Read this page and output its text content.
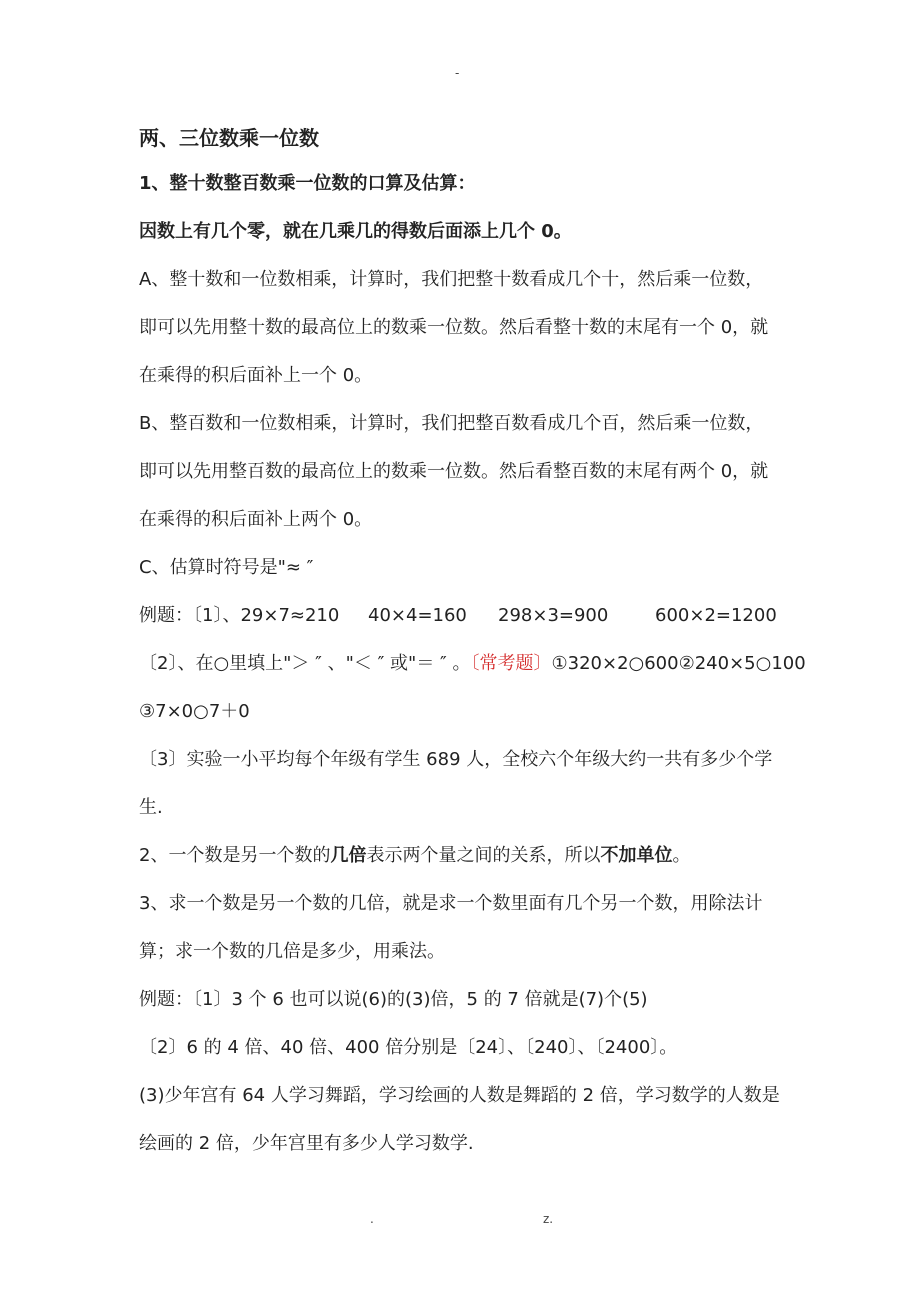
-
两、三位数乘一位数
1、整十数整百数乘一位数的口算及估算：
因数上有几个零，就在几乘几的得数后面添上几个 0。
A、整十数和一位数相乘，计算时，我们把整十数看成几个十，然后乘一位数，
即可以先用整十数的最高位上的数乘一位数。然后看整十数的末尾有一个 0，就
在乘得的积后面补上一个 0。
B、整百数和一位数相乘，计算时，我们把整百数看成几个百，然后乘一位数，
即可以先用整百数的最高位上的数乘一位数。然后看整百数的末尾有两个 0，就
在乘得的积后面补上两个 0。
C、估算时符号是"≈ ″
例题：〔1〕、29×7≈210 40×4=160 298×3=900	600×2=1200
〔2〕、在○里填上"＞ ″ 、"＜ ″ 或"＝ ″ 。〔常考题〕①320×2○600②240×5○100
③7×0○7＋0
〔3〕实验一小平均每个年级有学生 689 人，全校六个年级大约一共有多少个学
生.
2、一个数是另一个数的几倍表示两个量之间的关系，所以不加单位。
3、求一个数是另一个数的几倍，就是求一个数里面有几个另一个数，用除法计
算；求一个数的几倍是多少，用乘法。
例题：〔1〕3 个 6 也可以说(6)的(3)倍，5 的 7 倍就是(7)个(5)
〔2〕6 的 4 倍、40 倍、400 倍分别是〔24〕、〔240〕、〔2400〕。
(3)少年宫有 64 人学习舞蹈，学习绘画的人数是舞蹈的 2 倍，学习数学的人数是
绘画的 2 倍，少年宫里有多少人学习数学.
.	z.
